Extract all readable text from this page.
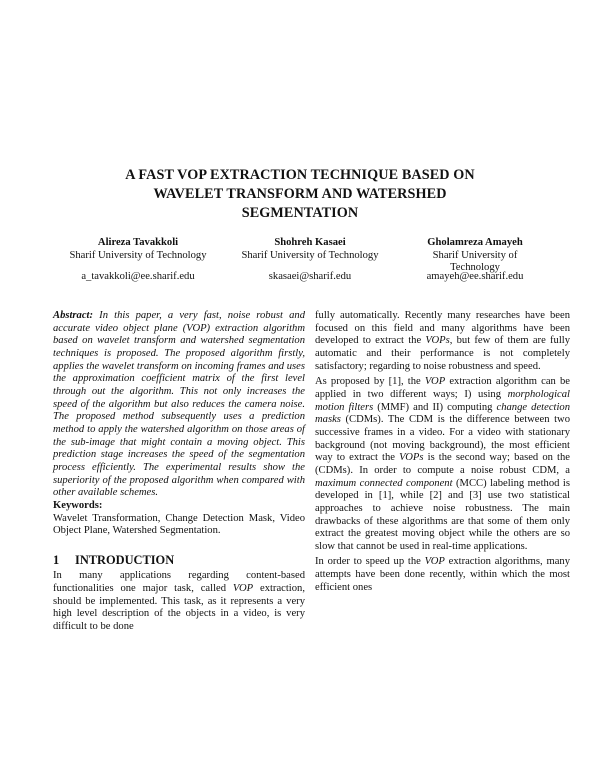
A FAST VOP EXTRACTION TECHNIQUE BASED ON
WAVELET TRANSFORM AND WATERSHED
SEGMENTATION
Alireza Tavakkoli
Sharif University of Technology
a_tavakkoli@ee.sharif.edu
Shohreh Kasaei
Sharif University of Technology
skasaei@sharif.edu
Gholamreza Amayeh
Sharif University of
Technology
amayeh@ee.sharif.edu

Abstract: In this paper, a very fast, noise robust and accurate video object plane (VOP) extraction algorithm based on wavelet transform and watershed segmentation techniques is proposed. The proposed algorithm firstly, applies the wavelet transform on incoming frames and uses the approximation coefficient matrix of the first level through out the algorithm. This not only increases the speed of the algorithm but also reduces the camera noise. The proposed method subsequently uses a prediction method to apply the watershed algorithm on those areas of the sub-image that might contain a moving object. This prediction stage increases the speed of the segmentation process efficiently. The experimental results show the superiority of the proposed algorithm when compared with other available schemes.

Keywords:

Wavelet Transformation, Change Detection Mask, Video Object Plane, Watershed Segmentation.

1 INTRODUCTION

In many applications regarding content-based functionalities one major task, called VOP extraction, should be implemented. This task, as it represents a very high level description of the objects in a video, is very difficult to be done

fully automatically. Recently many researches have been focused on this field and many algorithms have been developed to extract the VOPs, but few of them are fully automatic and their performance is not completely satisfactory; regarding to noise robustness and speed.

As proposed by [1], the VOP extraction algorithm can be applied in two different ways; I) using morphological motion filters (MMF) and II) computing change detection masks (CDMs). The CDM is the difference between two successive frames in a video. For a video with stationary background (not moving background), the most efficient way to extract the VOPs is the second way; based on the (CDMs). In order to compute a noise robust CDM, a maximum connected component (MCC) labeling method is developed in [1], while [2] and [3] use two statistical approaches to achieve noise robustness. The main drawbacks of these algorithms are that some of them only extract the greatest moving object while the others are so slow that cannot be used in real-time applications.

In order to speed up the VOP extraction algorithms, many attempts have been done recently, within which the most efficient ones
